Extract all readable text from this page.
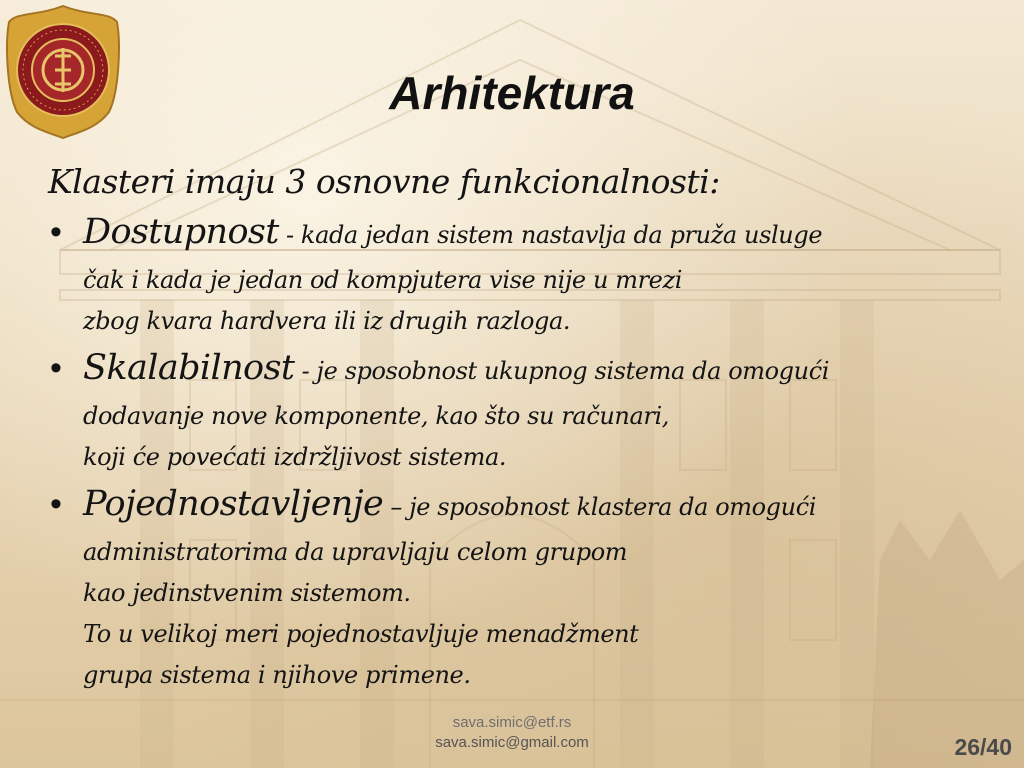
Arhitektura

Klasteri imaju 3 osnovne funkcionalnosti:

• Dostupnost - kada jedan sistem nastavlja da pruža usluge
čak i kada je jedan od kompjutera vise nije u mrezi
zbog kvara hardvera ili iz drugih razloga.
• Skalabilnost - je sposobnost ukupnog sistema da omogući
dodavanje nove komponente, kao što su računari,
koji će povećati izdržljivost sistema.
• Pojednostavljenje – je sposobnost klastera da omogući
administratorima da upravljaju celom grupom
kao jedinstvenim sistemom.
To u velikoj meri pojednostavljuje menadžment
grupa sistema i njihove primene.
sava.simic@etf.rs
sava.simic@gmail.com	26/40
